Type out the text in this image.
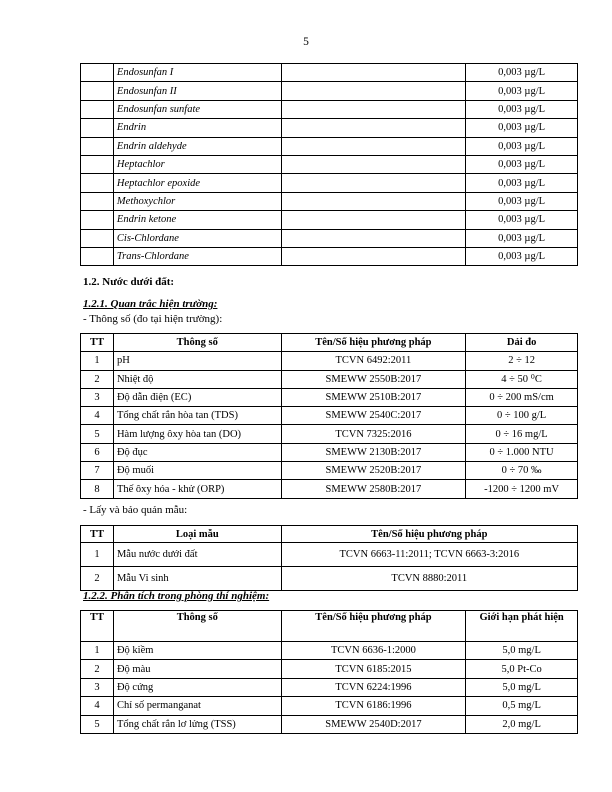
5
	Endosunfan I		0,003 µg/L
	Endosunfan II		0,003 µg/L
	Endosunfan sunfate		0,003 µg/L
	Endrin		0,003 µg/L
	Endrin aldehyde		0,003 µg/L
	Heptachlor		0,003 µg/L
	Heptachlor epoxide		0,003 µg/L
	Methoxychlor		0,003 µg/L
	Endrin ketone		0,003 µg/L
	Cis-Chlordane		0,003 µg/L
	Trans-Chlordane		0,003 µg/L
1.2. Nước dưới đất:
1.2.1. Quan trắc hiện trường:
- Thông số (đo tại hiện trường):
TT	Thông số	Tên/Số hiệu phương pháp	Dải đo
1	pH	TCVN 6492:2011	2 ÷ 12
2	Nhiệt độ	SMEWW 2550B:2017	4 ÷ 50 ⁰C
3	Độ dẫn điện (EC)	SMEWW 2510B:2017	0 ÷ 200 mS/cm
4	Tổng chất rắn hòa tan (TDS)	SMEWW 2540C:2017	0 ÷ 100 g/L
5	Hàm lượng ôxy hòa tan (DO)	TCVN 7325:2016	0 ÷ 16 mg/L
6	Độ đục	SMEWW 2130B:2017	0 ÷ 1.000 NTU
7	Độ muối	SMEWW 2520B:2017	0 ÷ 70 ‰
8	Thế ôxy hóa - khử (ORP)	SMEWW 2580B:2017	-1200 ÷ 1200 mV
- Lấy và bảo quản mẫu:
TT	Loại mẫu	Tên/Số hiệu phương pháp
1	Mẫu nước dưới đất	TCVN 6663-11:2011; TCVN 6663-3:2016
2	Mẫu Vi sinh	TCVN 8880:2011
1.2.2. Phân tích trong phòng thí nghiệm:
TT	Thông số	Tên/Số hiệu phương pháp	Giới hạn phát hiện
1	Độ kiềm	TCVN 6636-1:2000	5,0 mg/L
2	Độ màu	TCVN 6185:2015	5,0 Pt-Co
3	Độ cứng	TCVN 6224:1996	5,0 mg/L
4	Chỉ số permanganat	TCVN 6186:1996	0,5 mg/L
5	Tổng chất rắn lơ lửng (TSS)	SMEWW 2540D:2017	2,0 mg/L
